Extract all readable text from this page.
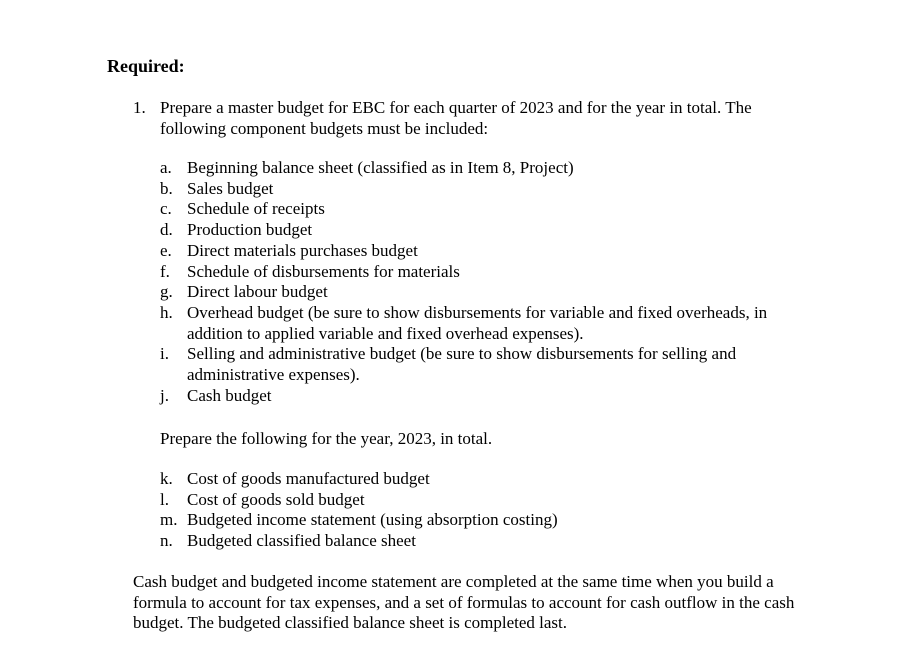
Required:
1. Prepare a master budget for EBC for each quarter of 2023 and for the year in total. The following component budgets must be included:
a. Beginning balance sheet (classified as in Item 8, Project)
b. Sales budget
c. Schedule of receipts
d. Production budget
e. Direct materials purchases budget
f. Schedule of disbursements for materials
g. Direct labour budget
h. Overhead budget (be sure to show disbursements for variable and fixed overheads, in addition to applied variable and fixed overhead expenses).
i. Selling and administrative budget (be sure to show disbursements for selling and administrative expenses).
j. Cash budget
Prepare the following for the year, 2023, in total.
k. Cost of goods manufactured budget
l. Cost of goods sold budget
m. Budgeted income statement (using absorption costing)
n. Budgeted classified balance sheet
Cash budget and budgeted income statement are completed at the same time when you build a formula to account for tax expenses, and a set of formulas to account for cash outflow in the cash budget. The budgeted classified balance sheet is completed last.
